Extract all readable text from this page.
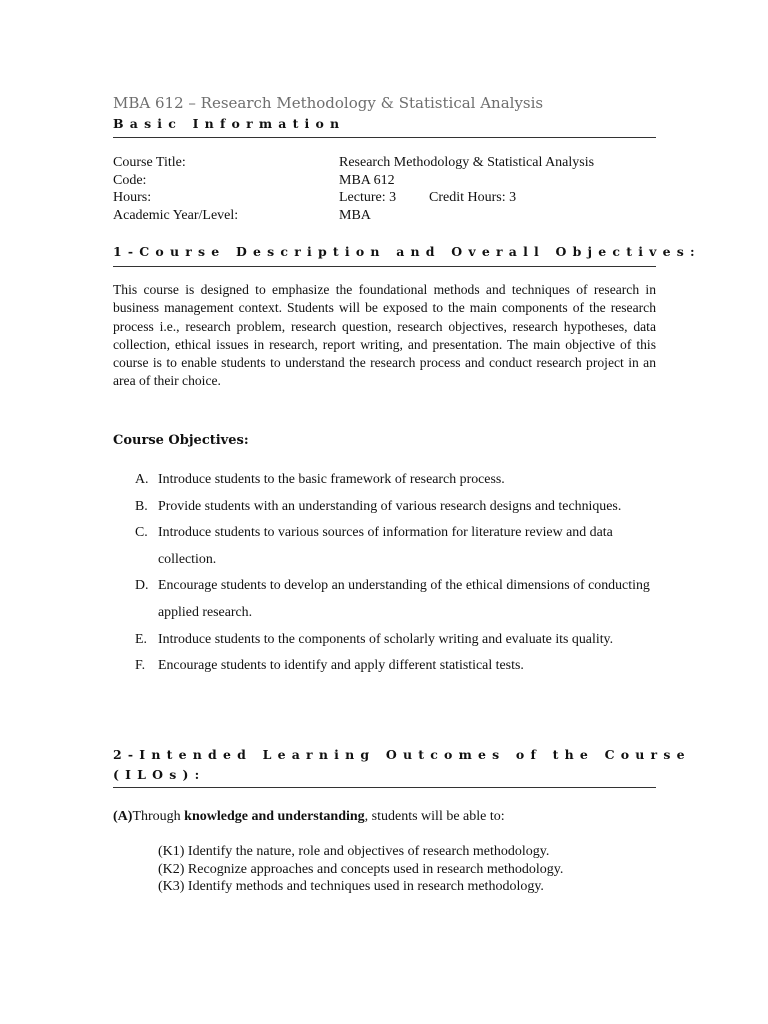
MBA 612 – Research Methodology & Statistical Analysis
Basic Information
Course Title:	Research Methodology & Statistical Analysis
Code:	MBA 612
Hours:	Lecture: 3 Credit Hours: 3
Academic Year/Level:	MBA
1-Course Description and Overall Objectives:

This course is designed to emphasize the foundational methods and techniques of research in business management context. Students will be exposed to the main components of the research process i.e., research problem, research question, research objectives, research hypotheses, data collection, ethical issues in research, report writing, and presentation. The main objective of this course is to enable students to understand the research process and conduct research project in an area of their choice.

Course Objectives:
A. Introduce students to the basic framework of research process.
B. Provide students with an understanding of various research designs and techniques.
C. Introduce students to various sources of information for literature review and data collection.
D. Encourage students to develop an understanding of the ethical dimensions of conducting applied research.
E. Introduce students to the components of scholarly writing and evaluate its quality.
F. Encourage students to identify and apply different statistical tests.
2-Intended Learning Outcomes of the Course
(ILOs):

(A)Through knowledge and understanding, students will be able to:

(K1) Identify the nature, role and objectives of research methodology.
(K2) Recognize approaches and concepts used in research methodology.
(K3) Identify methods and techniques used in research methodology.
